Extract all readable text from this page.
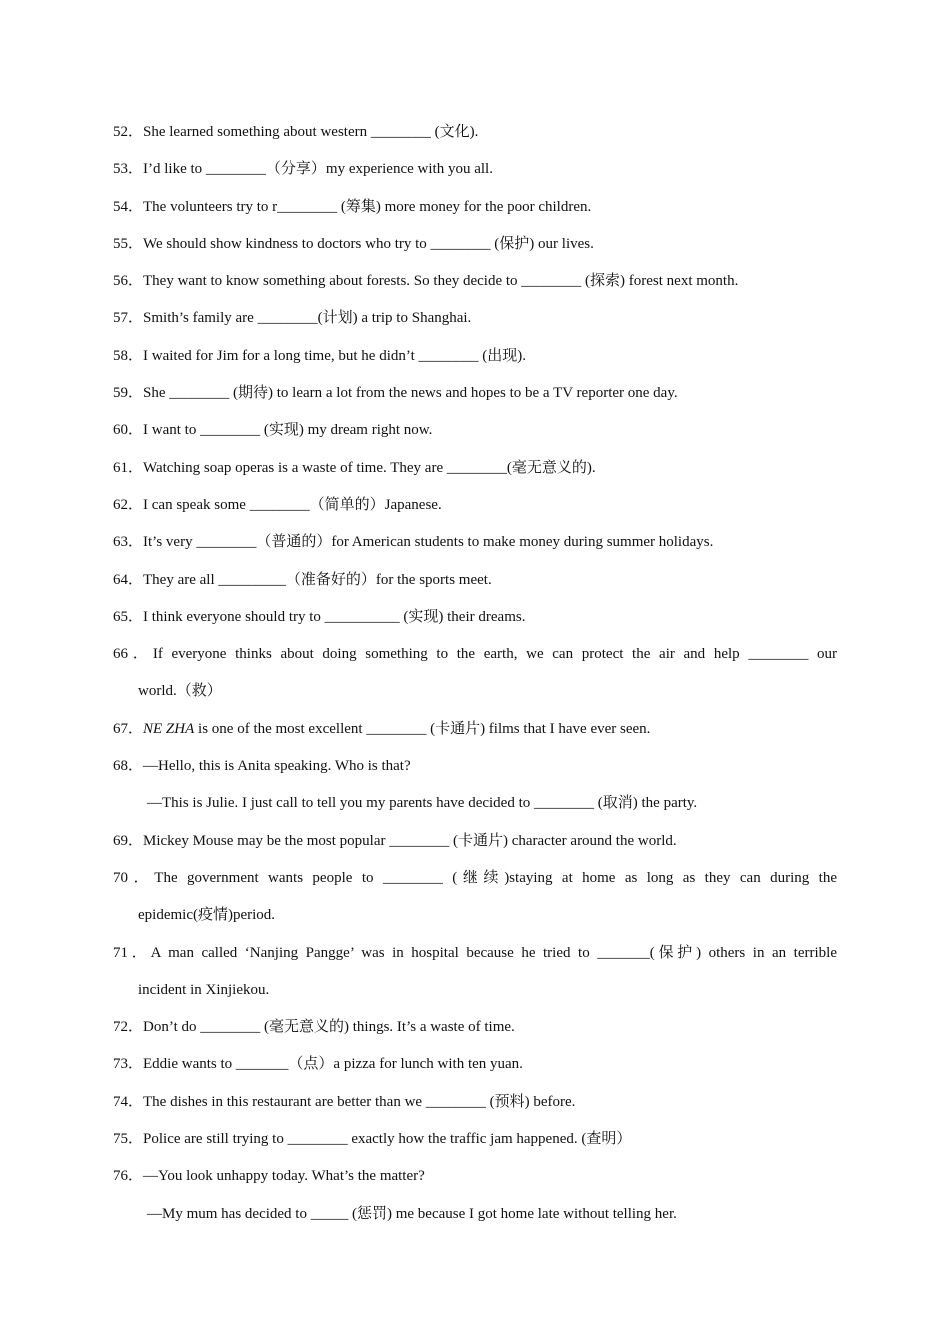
52．She learned something about western ________ (文化).
53．I’d like to ________（分享）my experience with you all.
54．The volunteers try to r________ (筹集) more money for the poor children.
55．We should show kindness to doctors who try to ________ (保护) our lives.
56．They want to know something about forests. So they decide to ________ (探索) forest next month.
57．Smith’s family are ________(计划) a trip to Shanghai.
58．I waited for Jim for a long time, but he didn’t ________ (出现).
59．She ________ (期待) to learn a lot from the news and hopes to be a TV reporter one day.
60．I want to ________ (实现) my dream right now.
61．Watching soap operas is a waste of time. They are ________(毫无意义的).
62．I can speak some ________（简单的）Japanese.
63．It’s very ________（普通的）for American students to make money during summer holidays.
64．They are all _________（准备好的）for the sports meet.
65．I think everyone should try to __________ (实现) their dreams.
66．If everyone thinks about doing something to the earth, we can protect the air and help ________ our
world.（救）
67．NE ZHA is one of the most excellent ________ (卡通片) films that I have ever seen.
68．—Hello, this is Anita speaking. Who is that?
—This is Julie. I just call to tell you my parents have decided to ________ (取消) the party.
69．Mickey Mouse may be the most popular ________ (卡通片) character around the world.
70．The government wants people to ________ (继续)staying at home as long as they can during the
epidemic(疫情)period.
71．A man called ‘Nanjing Pangge’ was in hospital because he tried to _______(保护) others in an terrible
incident in Xinjiekou.
72．Don’t do ________ (毫无意义的) things. It’s a waste of time.
73．Eddie wants to _______（点）a pizza for lunch with ten yuan.
74．The dishes in this restaurant are better than we ________ (预料) before.
75．Police are still trying to ________ exactly how the traffic jam happened. (查明）
76．—You look unhappy today. What’s the matter?
—My mum has decided to _____ (惩罚) me because I got home late without telling her.
